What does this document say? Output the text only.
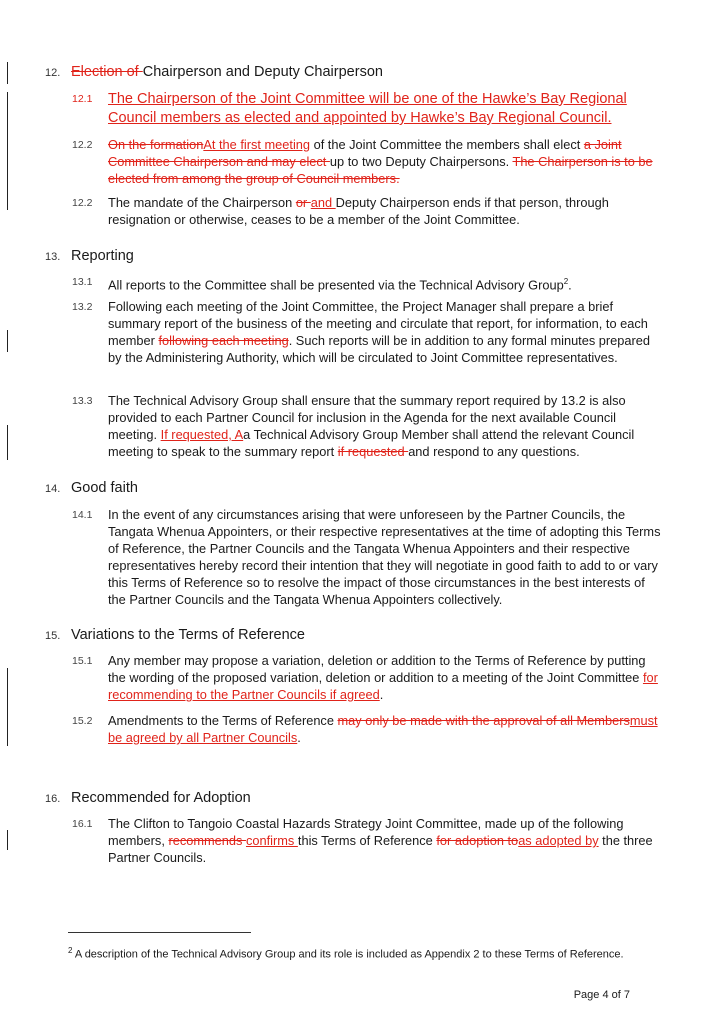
12. Election of Chairperson and Deputy Chairperson
12.1 The Chairperson of the Joint Committee will be one of the Hawke’s Bay Regional Council members as elected and appointed by Hawke’s Bay Regional Council.
12.2 On the formationAt the first meeting of the Joint Committee the members shall elect a Joint Committee Chairperson and may elect up to two Deputy Chairpersons. The Chairperson is to be elected from among the group of Council members.
12.2 The mandate of the Chairperson or and Deputy Chairperson ends if that person, through resignation or otherwise, ceases to be a member of the Joint Committee.
13. Reporting
13.1 All reports to the Committee shall be presented via the Technical Advisory Group$^2$.
13.2 Following each meeting of the Joint Committee, the Project Manager shall prepare a brief summary report of the business of the meeting and circulate that report, for information, to each member following each meeting. Such reports will be in addition to any formal minutes prepared by the Administering Authority, which will be circulated to Joint Committee representatives.
13.3 The Technical Advisory Group shall ensure that the summary report required by 13.2 is also provided to each Partner Council for inclusion in the Agenda for the next available Council meeting. If requested, Aa Technical Advisory Group Member shall attend the relevant Council meeting to speak to the summary report if requested and respond to any questions.
14. Good faith
14.1 In the event of any circumstances arising that were unforeseen by the Partner Councils, the Tangata Whenua Appointers, or their respective representatives at the time of adopting this Terms of Reference, the Partner Councils and the Tangata Whenua Appointers and their respective representatives hereby record their intention that they will negotiate in good faith to add to or vary this Terms of Reference so to resolve the impact of those circumstances in the best interests of the Partner Councils and the Tangata Whenua Appointers collectively.
15. Variations to the Terms of Reference
15.1 Any member may propose a variation, deletion or addition to the Terms of Reference by putting the wording of the proposed variation, deletion or addition to a meeting of the Joint Committee for recommending to the Partner Councils if agreed.
15.2 Amendments to the Terms of Reference may only be made with the approval of all Membersmust be agreed by all Partner Councils.
16. Recommended for Adoption
16.1 The Clifton to Tangoio Coastal Hazards Strategy Joint Committee, made up of the following members, recommends confirms this Terms of Reference for adoption toas adopted by the three Partner Councils.
$^2$ A description of the Technical Advisory Group and its role is included as Appendix 2 to these Terms of Reference.
Page 4 of 7
